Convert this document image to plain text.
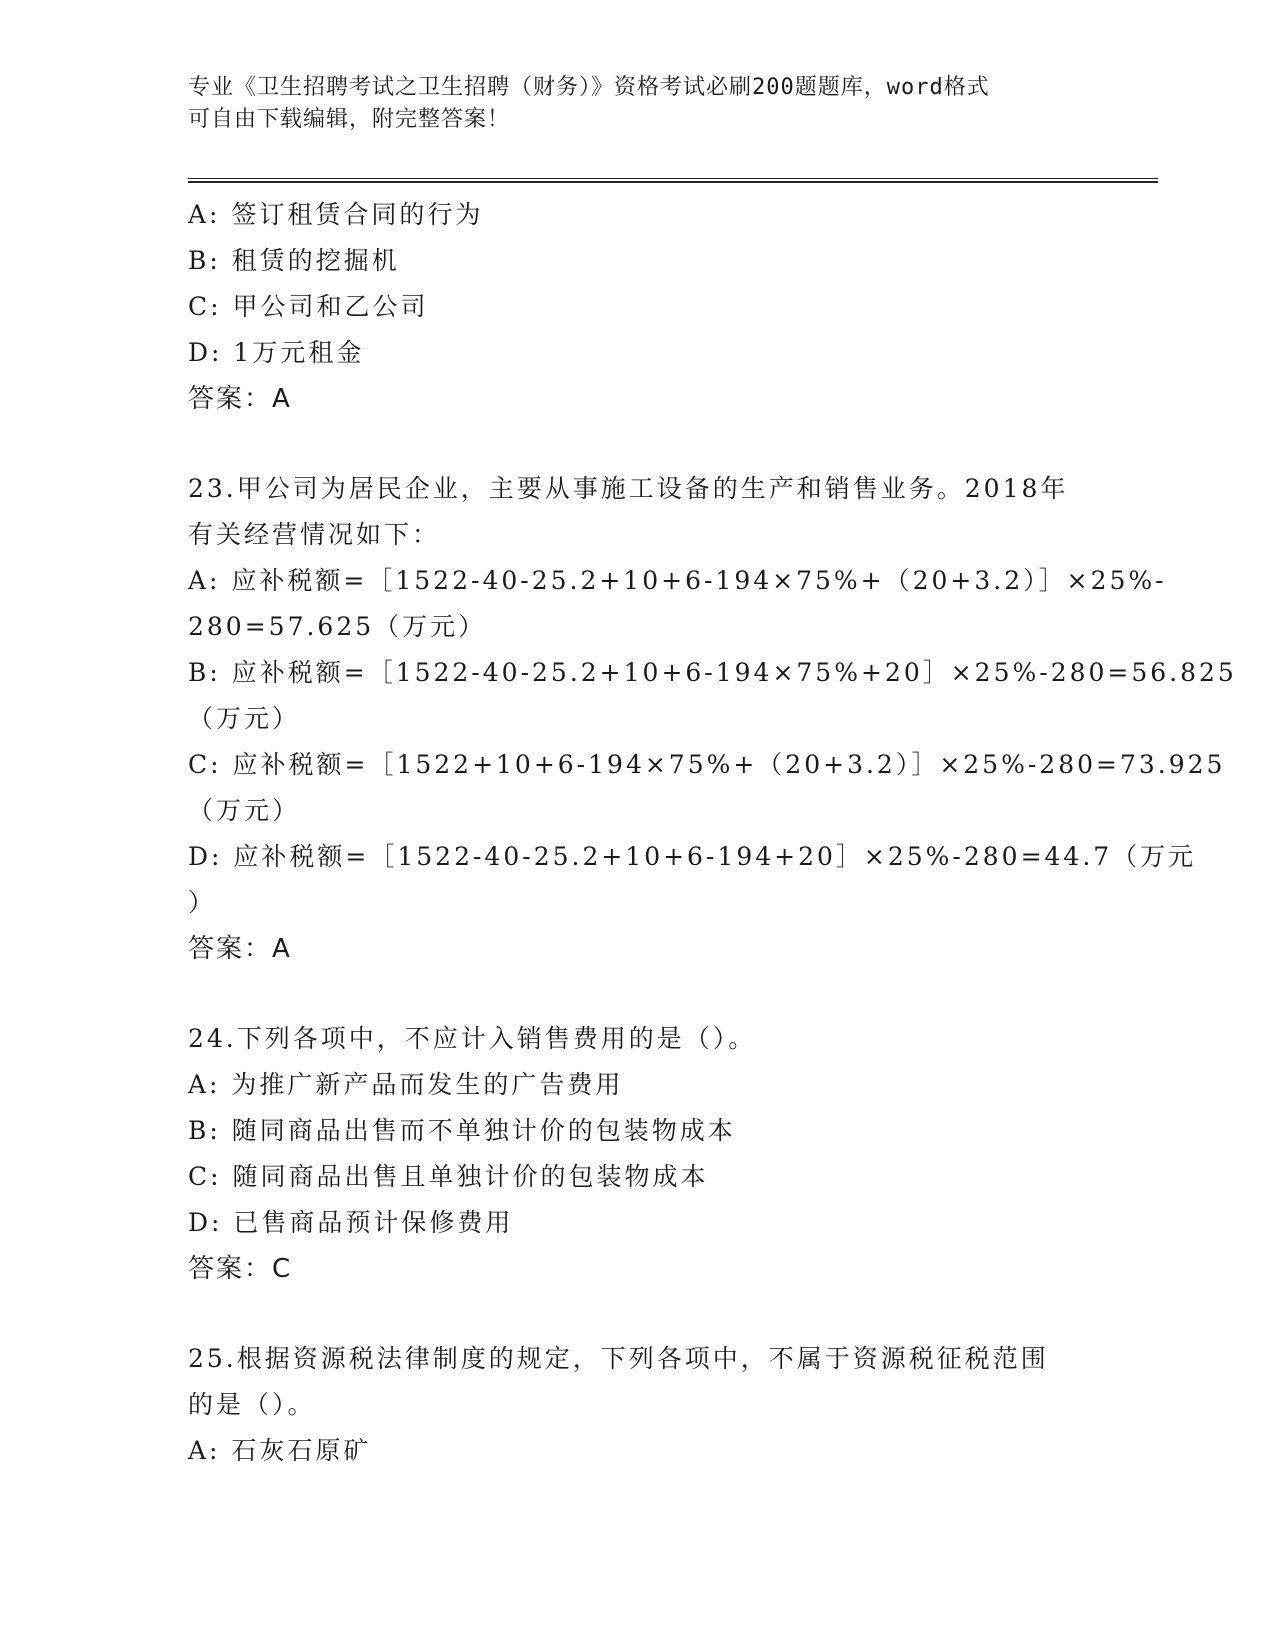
专业《卫生招聘考试之卫生招聘（财务）》资格考试必刷200题题库，word格式
可自由下载编辑，附完整答案！
A: 签订租赁合同的行为
B: 租赁的挖掘机
C: 甲公司和乙公司
D: 1万元租金
答案：A
23.甲公司为居民企业，主要从事施工设备的生产和销售业务。2018年
有关经营情况如下：
A: 应补税额=［1522-40-25.2+10+6-194×75%+（20+3.2）］×25%-
280=57.625（万元）
B: 应补税额=［1522-40-25.2+10+6-194×75%+20］×25%-280=56.825
（万元）
C: 应补税额=［1522+10+6-194×75%+（20+3.2）］×25%-280=73.925
（万元）
D: 应补税额=［1522-40-25.2+10+6-194+20］×25%-280=44.7（万元
）
答案：A
24.下列各项中，不应计入销售费用的是（）。
A: 为推广新产品而发生的广告费用
B: 随同商品出售而不单独计价的包装物成本
C: 随同商品出售且单独计价的包装物成本
D: 已售商品预计保修费用
答案：C
25.根据资源税法律制度的规定，下列各项中，不属于资源税征税范围
的是（）。
A: 石灰石原矿
